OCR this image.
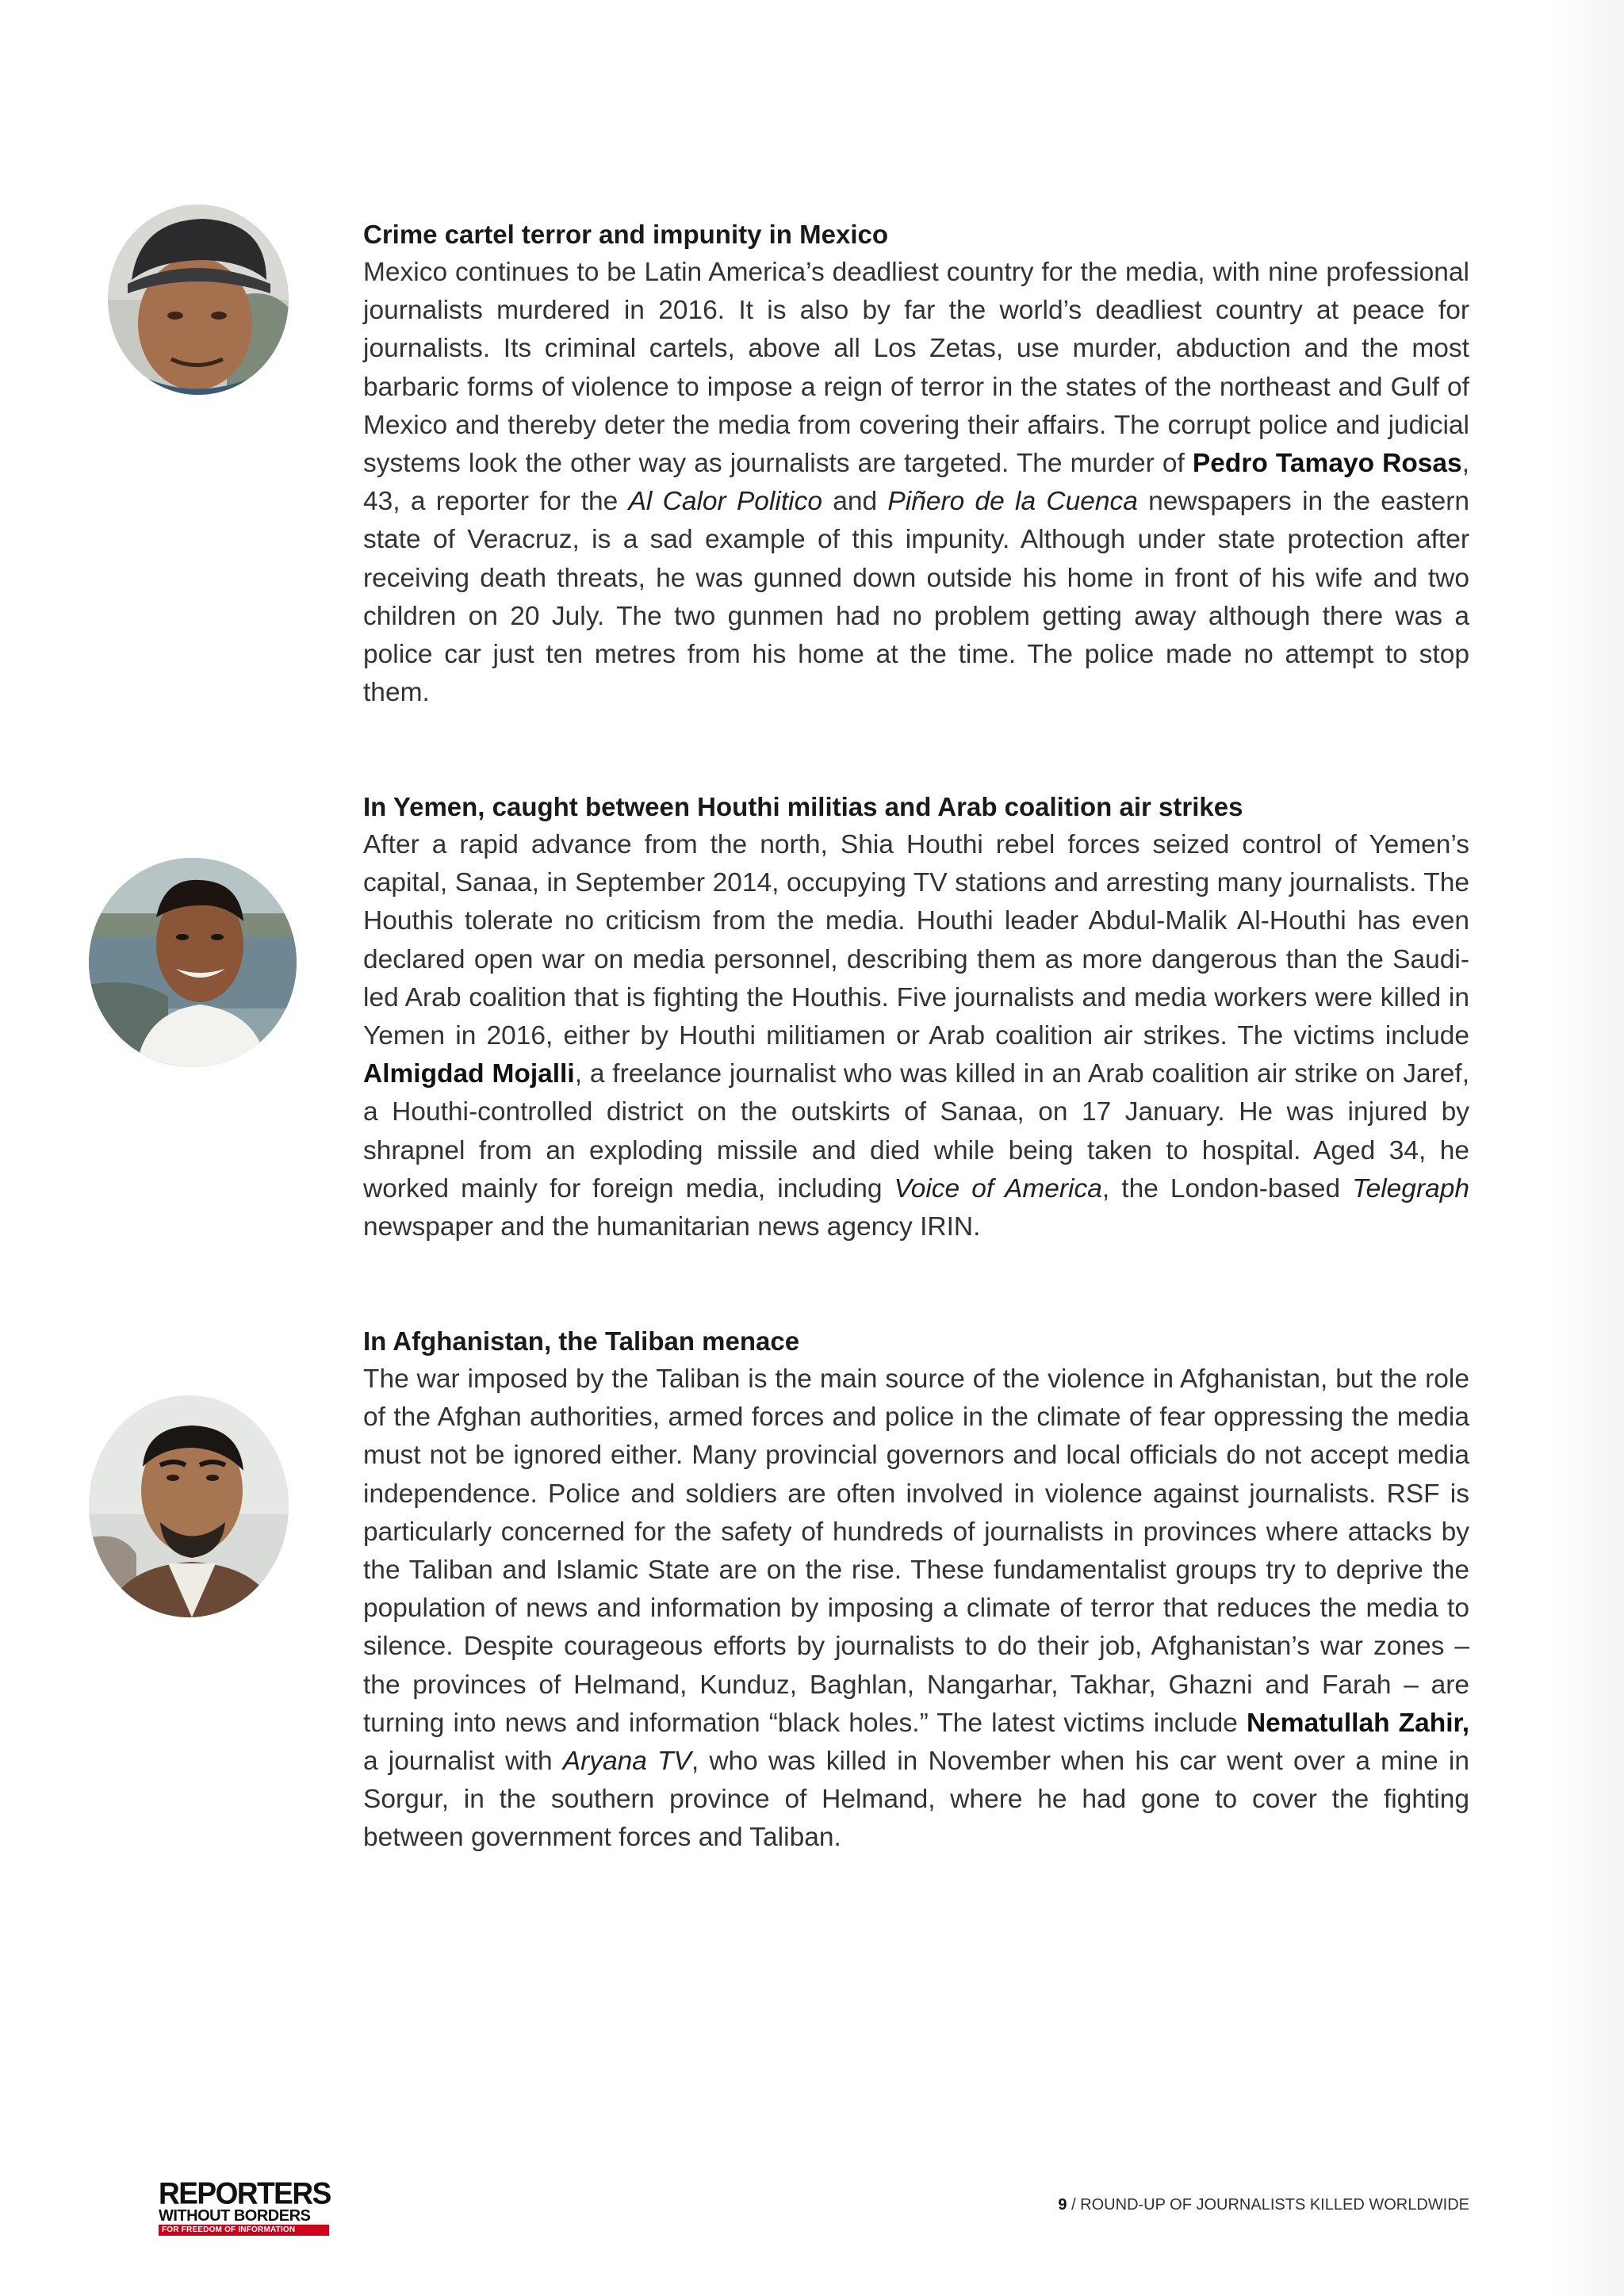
Crime cartel terror and impunity in Mexico

Mexico continues to be Latin America’s deadliest country for the media, with nine professional journalists murdered in 2016. It is also by far the world’s deadliest country at peace for journalists. Its criminal cartels, above all Los Zetas, use murder, abduction and the most barbaric forms of violence to impose a reign of terror in the states of the northeast and Gulf of Mexico and thereby deter the media from covering their affairs. The corrupt police and judicial systems look the other way as journalists are targeted. The murder of Pedro Tamayo Rosas, 43, a reporter for the Al Calor Politico and Piñero de la Cuenca newspapers in the eastern state of Veracruz, is a sad example of this impunity. Although under state protection after receiving death threats, he was gunned down outside his home in front of his wife and two children on 20 July. The two gunmen had no problem getting away although there was a police car just ten metres from his home at the time. The police made no attempt to stop them.

In Yemen, caught between Houthi militias and Arab coalition air strikes

After a rapid advance from the north, Shia Houthi rebel forces seized control of Yemen’s capital, Sanaa, in September 2014, occupying TV stations and arresting many journalists. The Houthis tolerate no criticism from the media. Houthi leader Abdul-Malik Al-Houthi has even declared open war on media personnel, describing them as more dangerous than the Saudi-led Arab coalition that is fighting the Houthis. Five journalists and media workers were killed in Yemen in 2016, either by Houthi militiamen or Arab coalition air strikes. The victims include Almigdad Mojalli, a freelance journalist who was killed in an Arab coalition air strike on Jaref, a Houthi-controlled district on the outskirts of Sanaa, on 17 January. He was injured by shrapnel from an exploding missile and died while being taken to hospital. Aged 34, he worked mainly for foreign media, including Voice of America, the London-based Telegraph newspaper and the humanitarian news agency IRIN.

In Afghanistan, the Taliban menace

The war imposed by the Taliban is the main source of the violence in Afghanistan, but the role of the Afghan authorities, armed forces and police in the climate of fear oppressing the media must not be ignored either. Many provincial governors and local officials do not accept media independence. Police and soldiers are often involved in violence against journalists. RSF is particularly concerned for the safety of hundreds of journalists in provinces where attacks by the Taliban and Islamic State are on the rise. These fundamentalist groups try to deprive the population of news and information by imposing a climate of terror that reduces the media to silence. Despite courageous efforts by journalists to do their job, Afghanistan’s war zones – the provinces of Helmand, Kunduz, Baghlan, Nangarhar, Takhar, Ghazni and Farah – are turning into news and information “black holes.” The latest victims include Nematullah Zahir, a journalist with Aryana TV, who was killed in November when his car went over a mine in Sorgur, in the southern province of Helmand, where he had gone to cover the fighting between government forces and Taliban.

REPORTERS
WITHOUT BORDERS
FOR FREEDOM OF INFORMATION
9 / ROUND-UP OF JOURNALISTS KILLED WORLDWIDE
